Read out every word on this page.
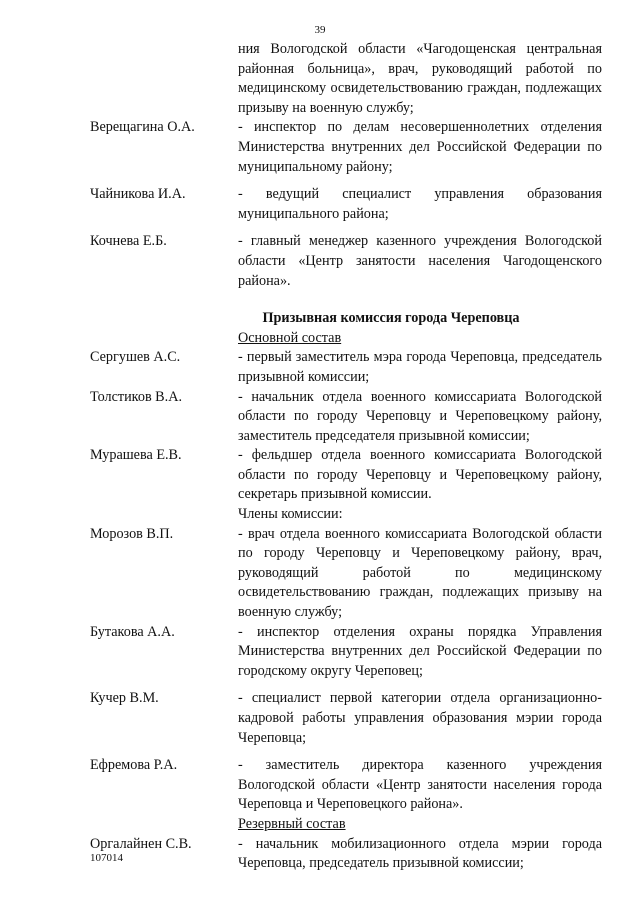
39
ния Вологодской области «Чагодощенская центральная районная больница», врач, руководящий работой по медицинскому освидетельствованию граждан, подлежащих призыву на военную службу;
Верещагина О.А.	- инспектор по делам несовершеннолетних отделения Министерства внутренних дел Российской Федерации по муниципальному району;
Чайникова И.А.	- ведущий специалист управления образования муниципального района;
Кочнева Е.Б.	- главный менеджер казенного учреждения Вологодской области «Центр занятости населения Чагодощенского района».
Призывная комиссия города Череповца
Основной состав
Сергушев А.С.	- первый заместитель мэра города Череповца, председатель призывной комиссии;
Толстиков В.А.	- начальник отдела военного комиссариата Вологодской области по городу Череповцу и Череповецкому району, заместитель председателя призывной комиссии;
Мурашева Е.В.	- фельдшер отдела военного комиссариата Вологодской области по городу Череповцу и Череповецкому району, секретарь призывной комиссии.
Члены комиссии:
Морозов В.П.	- врач отдела военного комиссариата Вологодской области по городу Череповцу и Череповецкому району, врач, руководящий работой по медицинскому освидетельствованию граждан, подлежащих призыву на военную службу;
Бутакова А.А.	- инспектор отделения охраны порядка Управления Министерства внутренних дел Российской Федерации по городскому округу Череповец;
Кучер В.М.	- специалист первой категории отдела организационно-кадровой работы управления образования мэрии города Череповца;
Ефремова Р.А.	- заместитель директора казенного учреждения Вологодской области «Центр занятости населения города Череповца и Череповецкого района».
Резервный состав
Оргалайнен С.В.	- начальник мобилизационного отдела мэрии города Череповца, председатель призывной комиссии;
107014
